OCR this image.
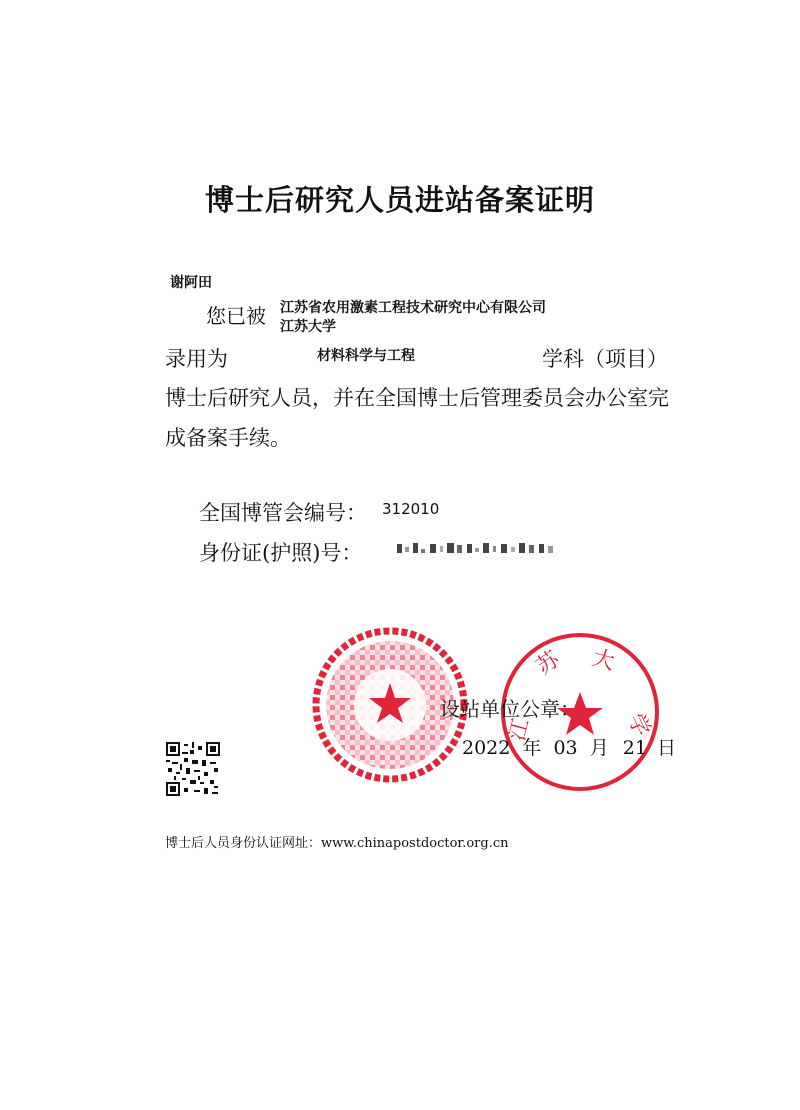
博士后研究人员进站备案证明
谢阿田
您已被 江苏省农用激素工程技术研究中心有限公司
江苏大学
录用为	材料科学与工程	学科（项目）
博士后研究人员，并在全国博士后管理委员会办公室完
成备案手续。
全国博管会编号： 312010
身份证(护照)号：
苏 大
学
江
设站单位公章：
2022 年 03 月 21 日
博士后人员身份认证网址：www.chinapostdoctor.org.cn
